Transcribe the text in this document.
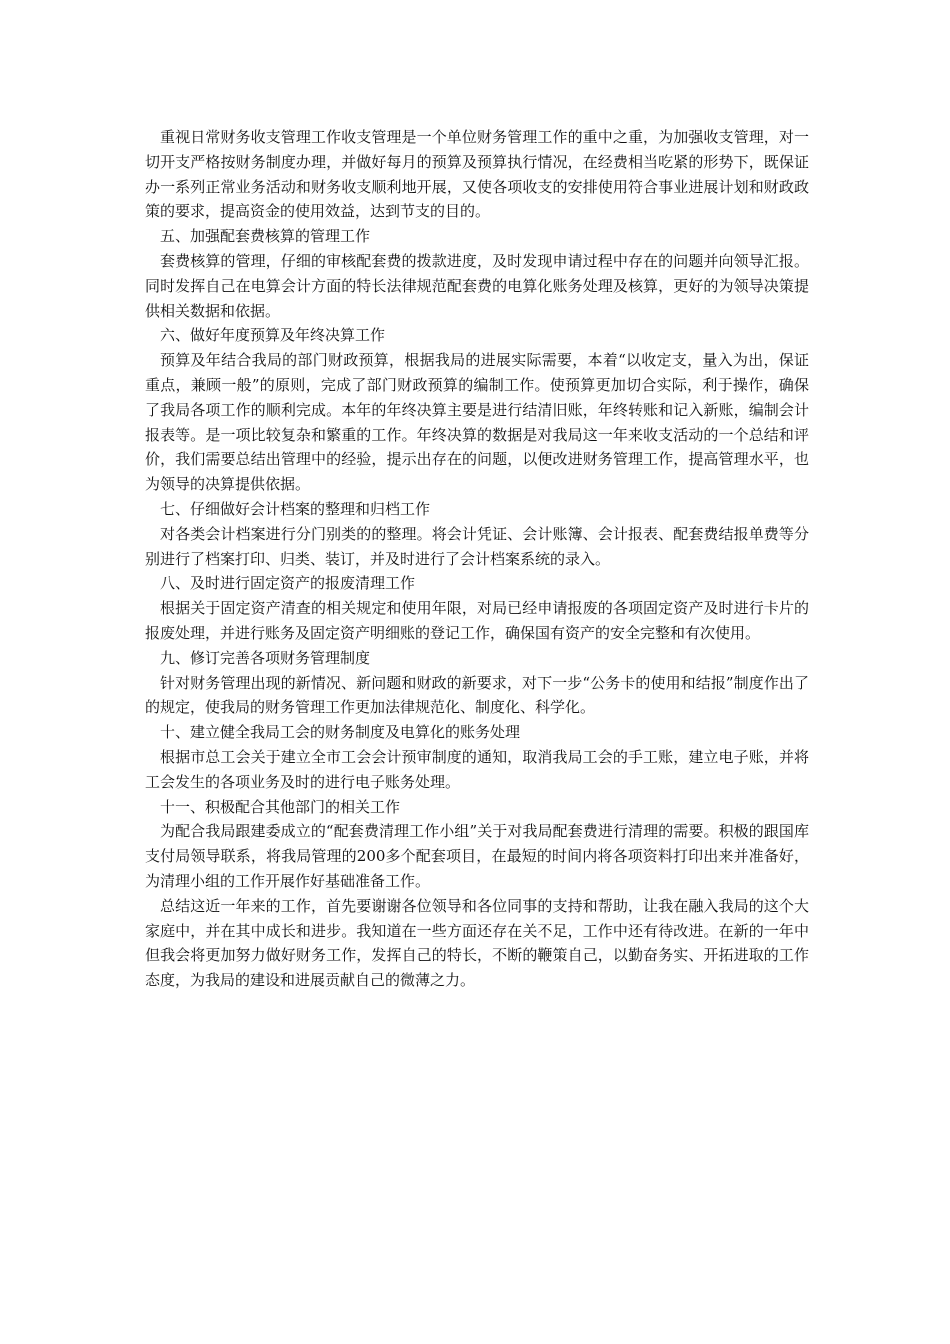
重视日常财务收支管理工作收支管理是一个单位财务管理工作的重中之重，为加强收支管理，对一切开支严格按财务制度办理，并做好每月的预算及预算执行情况，在经费相当吃紧的形势下，既保证办一系列正常业务活动和财务收支顺利地开展，又使各项收支的安排使用符合事业进展计划和财政政策的要求，提高资金的使用效益，达到节支的目的。

五、加强配套费核算的管理工作

套费核算的管理，仔细的审核配套费的拨款进度，及时发现申请过程中存在的问题并向领导汇报。同时发挥自己在电算会计方面的特长法律规范配套费的电算化账务处理及核算，更好的为领导决策提供相关数据和依据。

六、做好年度预算及年终决算工作

预算及年结合我局的部门财政预算，根据我局的进展实际需要，本着“以收定支，量入为出，保证重点，兼顾一般”的原则，完成了部门财政预算的编制工作。使预算更加切合实际，利于操作，确保了我局各项工作的顺利完成。本年的年终决算主要是进行结清旧账，年终转账和记入新账，编制会计报表等。是一项比较复杂和繁重的工作。年终决算的数据是对我局这一年来收支活动的一个总结和评价，我们需要总结出管理中的经验，提示出存在的问题，以便改进财务管理工作，提高管理水平，也为领导的决算提供依据。

七、仔细做好会计档案的整理和归档工作

对各类会计档案进行分门别类的的整理。将会计凭证、会计账簿、会计报表、配套费结报单费等分别进行了档案打印、归类、装订，并及时进行了会计档案系统的录入。

八、及时进行固定资产的报废清理工作

根据关于固定资产清查的相关规定和使用年限，对局已经申请报废的各项固定资产及时进行卡片的报废处理，并进行账务及固定资产明细账的登记工作，确保国有资产的安全完整和有次使用。

九、修订完善各项财务管理制度

针对财务管理出现的新情况、新问题和财政的新要求，对下一步“公务卡的使用和结报”制度作出了的规定，使我局的财务管理工作更加法律规范化、制度化、科学化。

十、建立健全我局工会的财务制度及电算化的账务处理

根据市总工会关于建立全市工会会计预审制度的通知，取消我局工会的手工账，建立电子账，并将工会发生的各项业务及时的进行电子账务处理。

十一、积极配合其他部门的相关工作

为配合我局跟建委成立的“配套费清理工作小组”关于对我局配套费进行清理的需要。积极的跟国库支付局领导联系，将我局管理的200多个配套项目，在最短的时间内将各项资料打印出来并准备好，为清理小组的工作开展作好基础准备工作。

总结这近一年来的工作，首先要谢谢各位领导和各位同事的支持和帮助，让我在融入我局的这个大家庭中，并在其中成长和进步。我知道在一些方面还存在关不足，工作中还有待改进。在新的一年中但我会将更加努力做好财务工作，发挥自己的特长，不断的鞭策自己，以勤奋务实、开拓进取的工作态度，为我局的建设和进展贡献自己的微薄之力。
